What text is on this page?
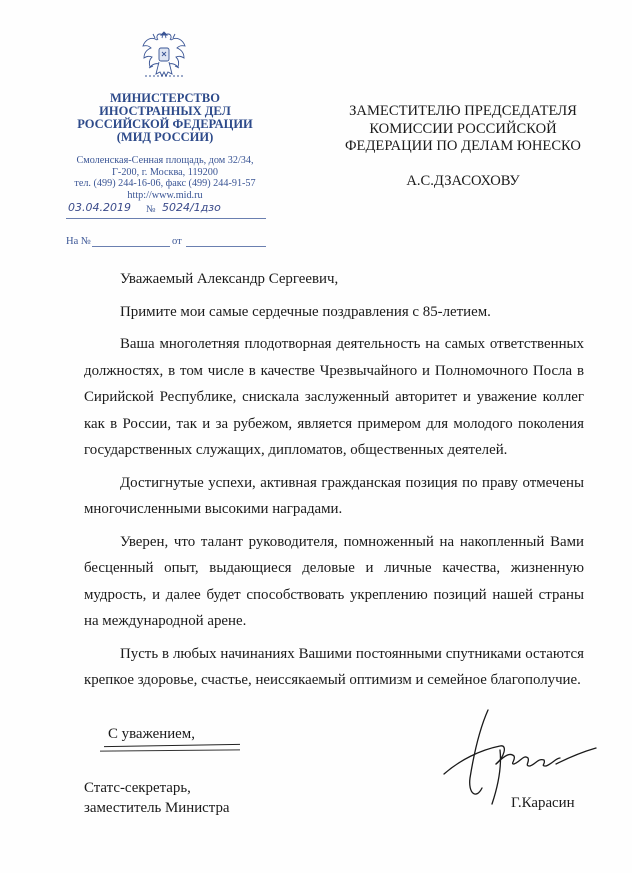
МИНИСТЕРСТВО
ИНОСТРАННЫХ ДЕЛ
РОССИЙСКОЙ ФЕДЕРАЦИИ
(МИД РОССИИ)
Смоленская-Сенная площадь, дом 32/34,
Г-200, г. Москва, 119200
тел. (499) 244-16-06, факс (499) 244-91-57
http://www.mid.ru
03.04.2019 № 5024/1дзо
На №	от
ЗАМЕСТИТЕЛЮ ПРЕДСЕДАТЕЛЯ
КОМИССИИ РОССИЙСКОЙ
ФЕДЕРАЦИИ ПО ДЕЛАМ ЮНЕСКО
А.С.ДЗАСОХОВУ
Уважаемый Александр Сергеевич,
Примите мои самые сердечные поздравления с 85-летием.
Ваша многолетняя плодотворная деятельность на самых ответственных должностях, в том числе в качестве Чрезвычайного и Полномочного Посла в Сирийской Республике, снискала заслуженный авторитет и уважение коллег как в России, так и за рубежом, является примером для молодого поколения государственных служащих, дипломатов, общественных деятелей.
Достигнутые успехи, активная гражданская позиция по праву отмечены многочисленными высокими наградами.
Уверен, что талант руководителя, помноженный на накопленный Вами бесценный опыт, выдающиеся деловые и личные качества, жизненную мудрость, и далее будет способствовать укреплению позиций нашей страны на международной арене.
Пусть в любых начинаниях Вашими постоянными спутниками остаются крепкое здоровье, счастье, неиссякаемый оптимизм и семейное благополучие.
С уважением,
Статс-секретарь,
заместитель Министра	Г.Карасин
